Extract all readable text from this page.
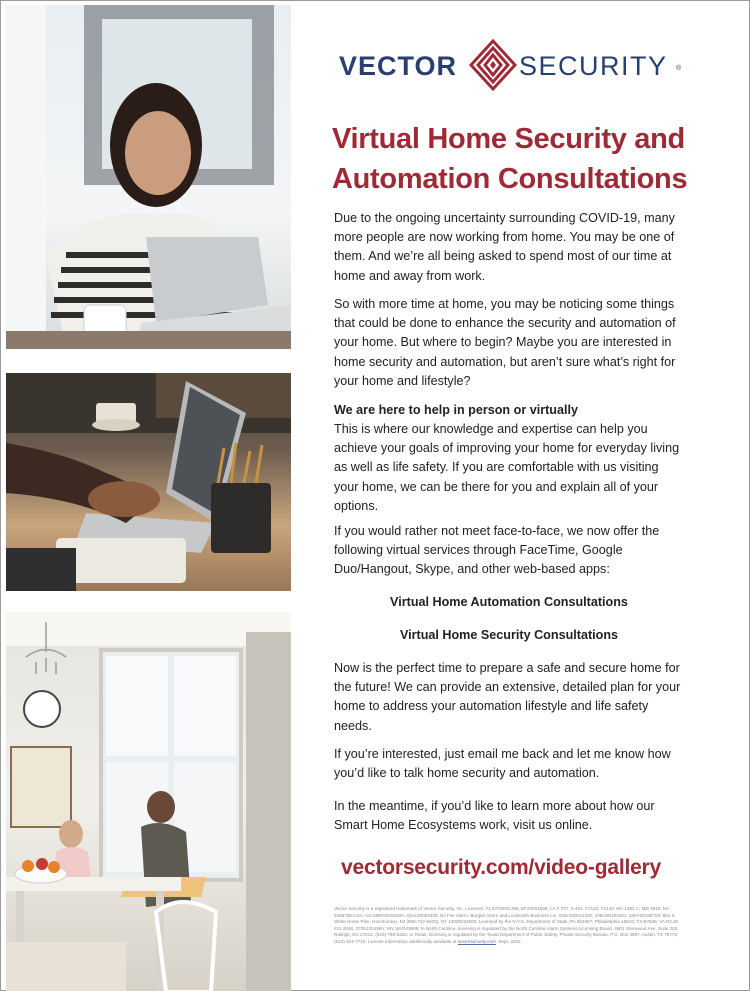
VECTOR SECURITY ®
Virtual Home Security and
Automation Consultations

Due to the ongoing uncertainty surrounding COVID-19, many more people are now working from home. You may be one of them. And we’re all being asked to spend most of our time at home and away from work.

So with more time at home, you may be noticing some things that could be done to enhance the security and automation of your home. But where to begin? Maybe you are interested in home security and automation, but aren’t sure what’s right for your home and lifestyle?

We are here to help in person or virtually

This is where our knowledge and expertise can help you achieve your goals of improving your home for everyday living as well as life safety. If you are comfortable with us visiting your home, we can be there for you and explain all of your options.

If you would rather not meet face-to-face, we now offer the following virtual services through FaceTime, Google Duo/Hangout, Skype, and other web-based apps:

Virtual Home Automation Consultations

Virtual Home Security Consultations

Now is the perfect time to prepare a safe and secure home for the future! We can provide an extensive, detailed plan for your home to address your automation lifestyle and life safety needs.

If you’re interested, just email me back and let me know how you’d like to talk home security and automation.

In the meantime, if you’d like to learn more about how our Smart Home Ecosystems work, visit us online.

vectorsecurity.com/video-gallery

Vector Security is a registered trademark of Vector Security, Inc. Licenses: FL EF20001395, EF20001558; LA F 737, 5-404, F2142, F2140; MA 1492 C; MD 3816; NC 5386760-CSA; NJ 34BF00292300, 34AL00093403; NJ Fire Alarm, Burglar Alarm and Locksmith Business Lic. #34LS00011300; 34BA00192401; 34FA00196700; 854 S. White Horse Pike, Hammonton, NJ (856-722-9400); NY 12000234060, Licensed by the N.Y.S. Department of State; PA 004997, Philadelphia 16843; TX B7846; VA DCJS #11-2048, 2705120498A; WV WV043869; In North Carolina, licensing is regulated by the North Carolina Alarm Systems Licensing Board, 4901 Glenwood Ave. Suite 200, Raleigh, NC 27612, (919) 788-5320. In Texas, licensing is regulated by the Texas Department of Public Safety, Private Security Bureau, P.O. Box 4087, Austin, TX 78773; (512) 424-7710. License information additionally available at vectorsecurity.com. Sept. 2018
